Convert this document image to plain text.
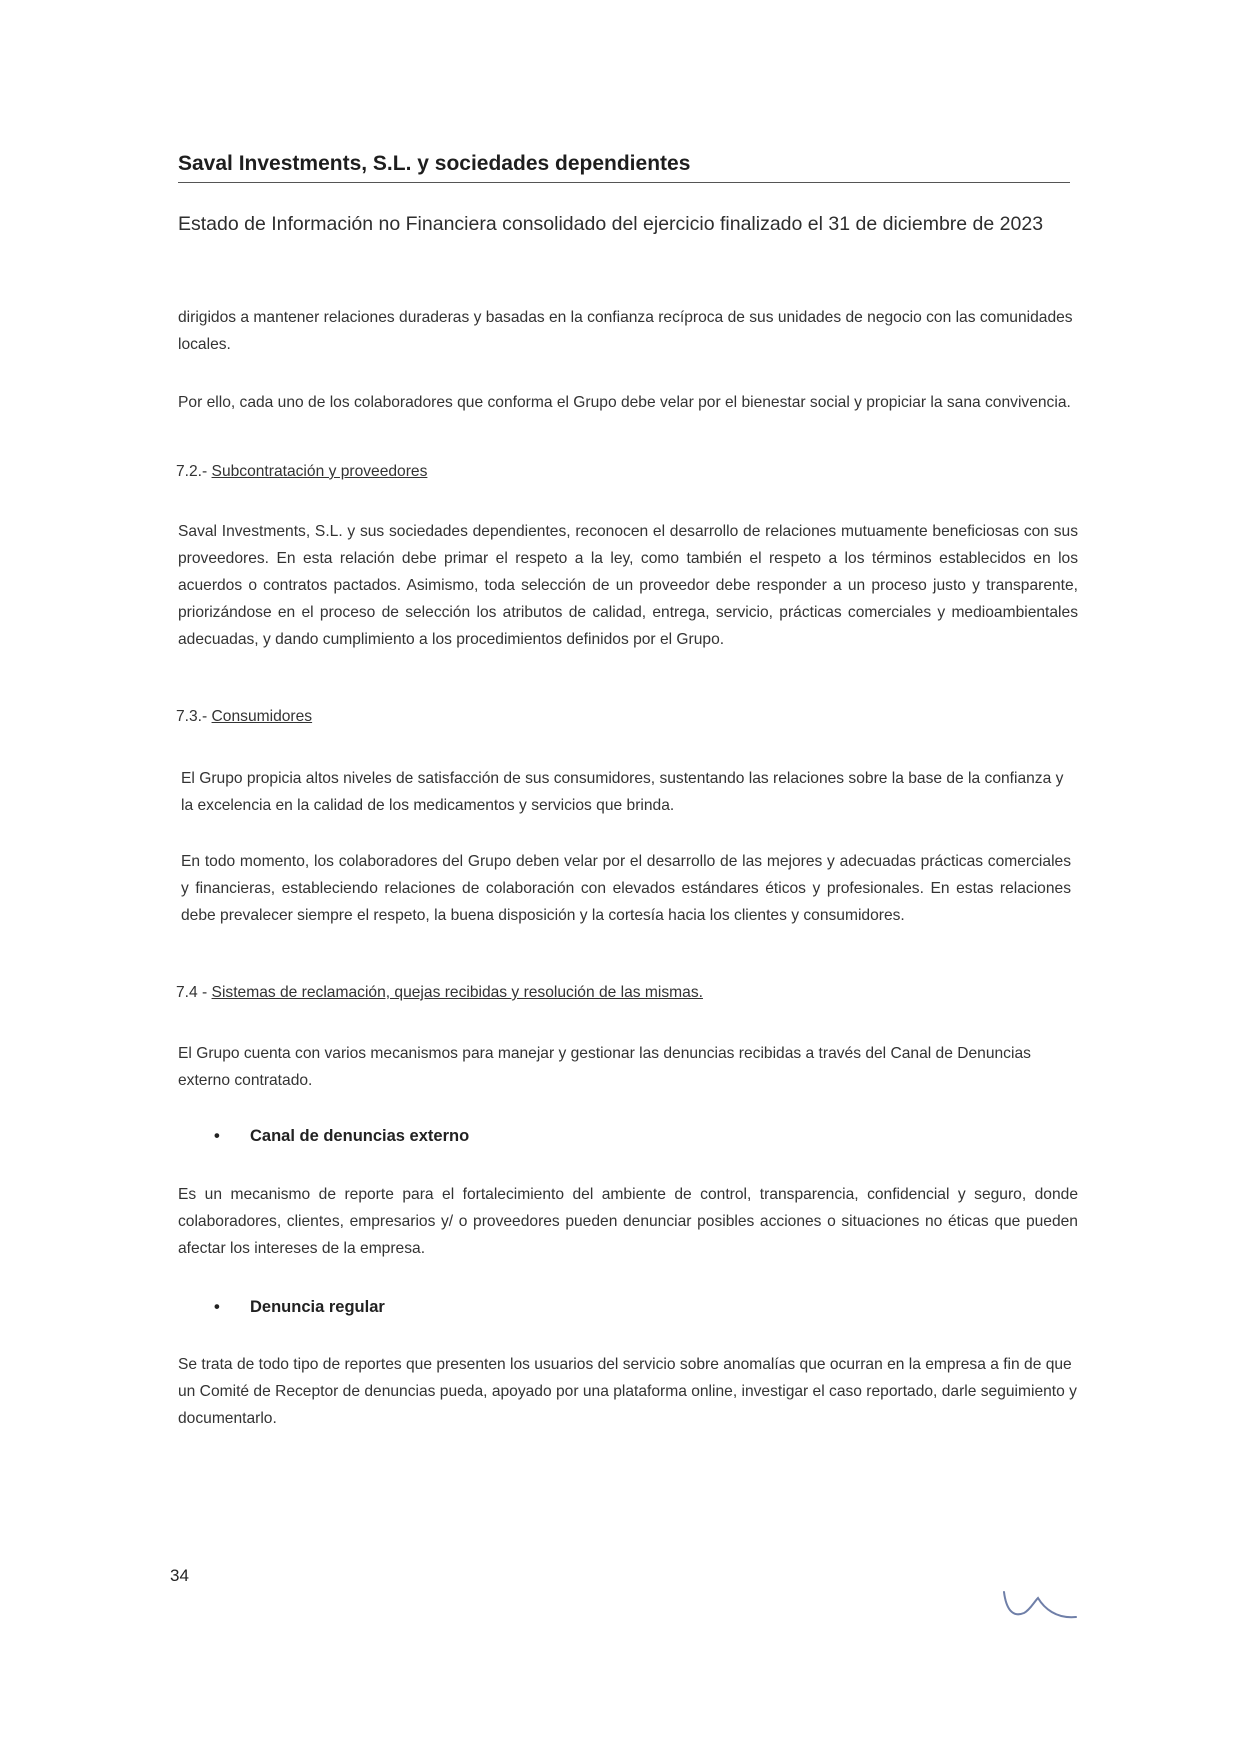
Saval Investments, S.L. y sociedades dependientes
Estado de Información no Financiera consolidado del ejercicio finalizado el 31 de diciembre de 2023
dirigidos a mantener relaciones duraderas y basadas en la confianza recíproca de sus unidades de negocio con las comunidades locales.
Por ello, cada uno de los colaboradores que conforma el Grupo debe velar por el bienestar social y propiciar la sana convivencia.
7.2.- Subcontratación y proveedores
Saval Investments, S.L. y sus sociedades dependientes, reconocen el desarrollo de relaciones mutuamente beneficiosas con sus proveedores. En esta relación debe primar el respeto a la ley, como también el respeto a los términos establecidos en los acuerdos o contratos pactados. Asimismo, toda selección de un proveedor debe responder a un proceso justo y transparente, priorizándose en el proceso de selección los atributos de calidad, entrega, servicio, prácticas comerciales y medioambientales adecuadas, y dando cumplimiento a los procedimientos definidos por el Grupo.
7.3.- Consumidores
El Grupo propicia altos niveles de satisfacción de sus consumidores, sustentando las relaciones sobre la base de la confianza y la excelencia en la calidad de los medicamentos y servicios que brinda.
En todo momento, los colaboradores del Grupo deben velar por el desarrollo de las mejores y adecuadas prácticas comerciales y financieras, estableciendo relaciones de colaboración con elevados estándares éticos y profesionales. En estas relaciones debe prevalecer siempre el respeto, la buena disposición y la cortesía hacia los clientes y consumidores.
7.4 - Sistemas de reclamación, quejas recibidas y resolución de las mismas.
El Grupo cuenta con varios mecanismos para manejar y gestionar las denuncias recibidas a través del Canal de Denuncias externo contratado.
• Canal de denuncias externo
Es un mecanismo de reporte para el fortalecimiento del ambiente de control, transparencia, confidencial y seguro, donde colaboradores, clientes, empresarios y/ o proveedores pueden denunciar posibles acciones o situaciones no éticas que pueden afectar los intereses de la empresa.
• Denuncia regular
Se trata de todo tipo de reportes que presenten los usuarios del servicio sobre anomalías que ocurran en la empresa a fin de que un Comité de Receptor de denuncias pueda, apoyado por una plataforma online, investigar el caso reportado, darle seguimiento y documentarlo.
34
